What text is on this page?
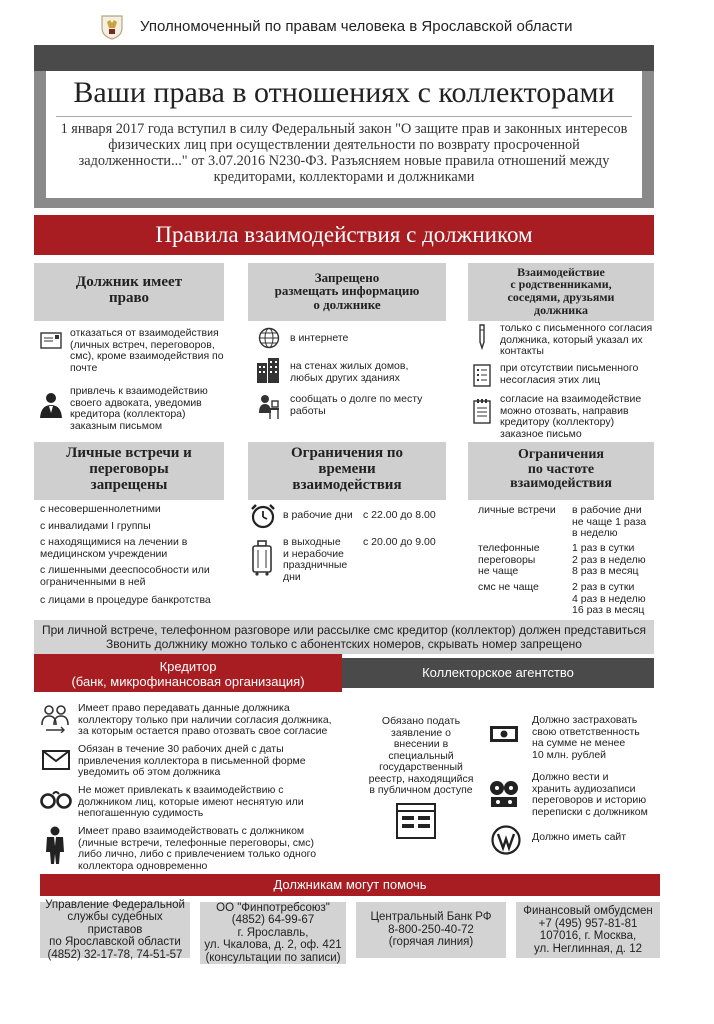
Уполномоченный по правам человека в Ярославской области
Ваши права в отношениях с коллекторами
1 января 2017 года вступил в силу Федеральный закон "О защите прав и законных интересов физических лиц при осуществлении деятельности по возврату просроченной задолженности..." от 3.07.2016 N230-ФЗ. Разъясняем новые правила отношений между кредиторами, коллекторами и должниками
Правила взаимодействия с должником
Должник имеет
право
отказаться от взаимодействия
(личных встреч, переговоров,
смс), кроме взаимодействия по
почте
привлечь к взаимодействию
своего адвоката, уведомив
кредитора (коллектора)
заказным письмом
Запрещено
размещать информацию
о должнике
в интернете
на стенах жилых домов,
любых других зданиях
сообщать о долге по месту
работы
Взаимодействие
с родственниками,
соседями, друзьями
должника
только с письменного согласия
должника, который указал их
контакты
при отсутствии письменного
несогласия этих лиц
согласие на взаимодействие
можно отозвать, направив
кредитору (коллектору)
заказное письмо
Личные встречи и
переговоры
запрещены
с несовершеннолетними
с инвалидами I группы
с находящимися на лечении в
медицинском учреждении
с лишенными дееспособности или
ограниченными в ней
с лицами в процедуре банкротства
Ограничения по
времени
взаимодействия
в рабочие дни с 22.00 до 8.00
в выходные
и нерабочие
праздничные
дни
с 20.00 до 9.00
Ограничения
по частоте
взаимодействия
личные встречи	в рабочие дни
не чаще 1 раза
в неделю
телефонные
переговоры
не чаще
1 раз в сутки
2 раз в неделю
8 раз в месяц
смс не чаще	2 раз в сутки
4 раз в неделю
16 раз в месяц
При личной встрече, телефонном разговоре или рассылке смс кредитор (коллектор) должен представиться
Звонить должнику можно только с абонентских номеров, скрывать номер запрещено
Кредитор
(банк, микрофинансовая организация)
Коллекторское агентство
Имеет право передавать данные должника
коллектору только при наличии согласия должника,
за которым остается право отозвать свое согласие
Обязан в течение 30 рабочих дней с даты
привлечения коллектора в письменной форме
уведомить об этом должника
Не может привлекать к взаимодействию с
должником лиц, которые имеют неснятую или
непогашенную судимость
Имеет право взаимодействовать с должником
(личные встречи, телефонные переговоры, смс)
либо лично, либо с привлечением только одного
коллектора одновременно
Обязано подать
заявление о
внесении в
специальный
государственный
реестр, находящийся
в публичном доступе
Должно застраховать
свою ответственность
на сумме не менее
10 млн. рублей
Должно вести и
хранить аудиозаписи
переговоров и историю
переписки с должником
Должно иметь сайт
Должникам могут помочь
Управление Федеральной
службы судебных приставов
по Ярославской области
(4852) 32-17-78, 74-51-57
ОО "Финпотребсоюз"
(4852) 64-99-67
г. Ярославль,
ул. Чкалова, д. 2, оф. 421
(консультации по записи)
Центральный Банк РФ
8-800-250-40-72
(горячая линия)
Финансовый омбудсмен
+7 (495) 957-81-81
107016, г. Москва,
ул. Неглинная, д. 12
